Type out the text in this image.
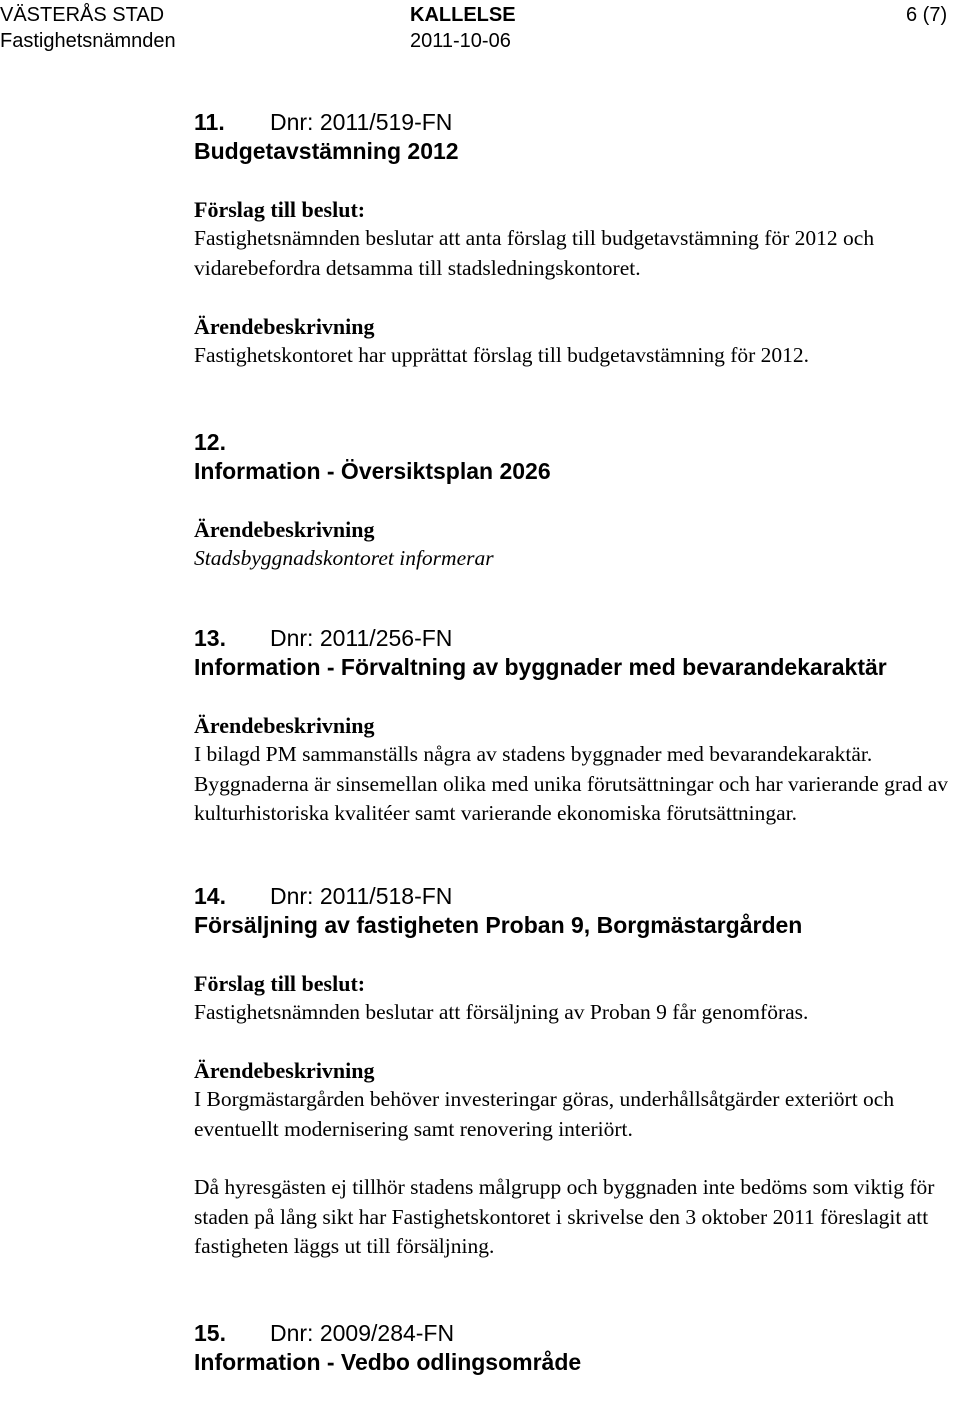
VÄSTERÅS STAD
Fastighetsnämnden
KALLELSE
2011-10-06
6 (7)
11. Dnr: 2011/519-FN
Budgetavstämning 2012
Förslag till beslut:

Fastighetsnämnden beslutar att anta förslag till budgetavstämning för 2012 och vidarebefordra detsamma till stadsledningskontoret.

Ärendebeskrivning

Fastighetskontoret har upprättat förslag till budgetavstämning för 2012.

12.
Information - Översiktsplan 2026
Ärendebeskrivning

Stadsbyggnadskontoret informerar

13. Dnr: 2011/256-FN
Information - Förvaltning av byggnader med bevarandekaraktär
Ärendebeskrivning

I bilagd PM sammanställs några av stadens byggnader med bevarandekaraktär. Byggnaderna är sinsemellan olika med unika förutsättningar och har varierande grad av kulturhistoriska kvalitéer samt varierande ekonomiska förutsättningar.

14. Dnr: 2011/518-FN
Försäljning av fastigheten Proban 9, Borgmästargården
Förslag till beslut:

Fastighetsnämnden beslutar att försäljning av Proban 9 får genomföras.

Ärendebeskrivning

I Borgmästargården behöver investeringar göras, underhållsåtgärder exteriört och eventuellt modernisering samt renovering interiört.

Då hyresgästen ej tillhör stadens målgrupp och byggnaden inte bedöms som viktig för staden på lång sikt har Fastighetskontoret i skrivelse den 3 oktober 2011 föreslagit att fastigheten läggs ut till försäljning.

15. Dnr: 2009/284-FN
Information - Vedbo odlingsområde
